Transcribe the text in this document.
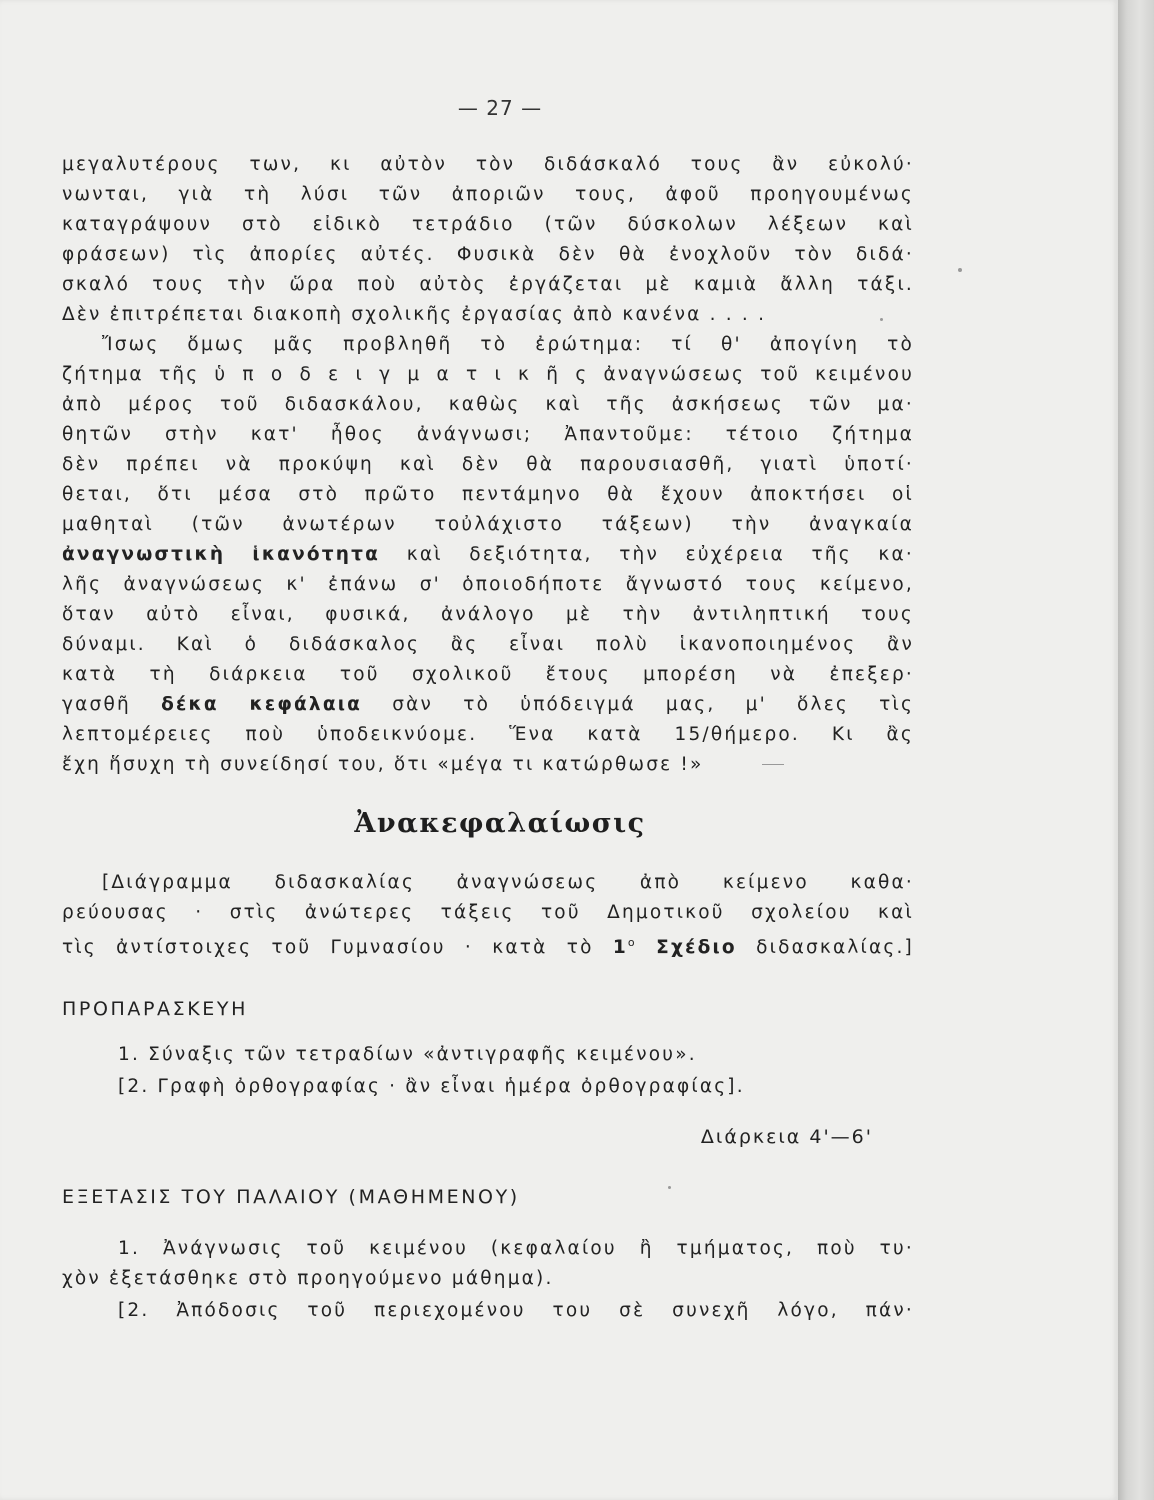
— 27 —
μεγαλυτέρους των, κι αὐτὸν τὸν διδάσκαλό τους ἂν εὐκολύ·
νωνται, γιὰ τὴ λύσι τῶν ἀποριῶν τους, ἀφοῦ προηγουμένως
καταγράψουν στὸ εἰδικὸ τετράδιο (τῶν δύσκολων λέξεων καὶ
φράσεων) τὶς ἀπορίες αὐτές. Φυσικὰ δὲν θὰ ἐνοχλοῦν τὸν διδά·
σκαλό τους τὴν ὥρα ποὺ αὐτὸς ἐργάζεται μὲ καμιὰ ἄλλη τάξι.
Δὲν ἐπιτρέπεται διακοπὴ σχολικῆς ἐργασίας ἀπὸ κανένα . . . .
Ἴσως ὅμως μᾶς προβληθῆ τὸ ἐρώτημα: τί θ' ἀπογίνη τὸ
ζήτημα τῆς ὑ π ο δ ε ι γ μ α τ ι κ ῆ ς ἀναγνώσεως τοῦ κειμένου
ἀπὸ μέρος τοῦ διδασκάλου, καθὼς καὶ τῆς ἀσκήσεως τῶν μα·
θητῶν στὴν κατ' ἦθος ἀνάγνωσι; Ἀπαντοῦμε: τέτοιο ζήτημα
δὲν πρέπει νὰ προκύψη καὶ δὲν θὰ παρουσιασθῆ, γιατὶ ὑποτί·
θεται, ὅτι μέσα στὸ πρῶτο πεντάμηνο θὰ ἔχουν ἀποκτήσει οἱ
μαθηταὶ (τῶν ἀνωτέρων τοὐλάχιστο τάξεων) τὴν ἀναγκαία
ἀναγνωστικὴ ἱκανότητα καὶ δεξιότητα, τὴν εὐχέρεια τῆς κα·
λῆς ἀναγνώσεως κ' ἐπάνω σ' ὁποιοδήποτε ἄγνωστό τους κείμενο,
ὅταν αὐτὸ εἶναι, φυσικά, ἀνάλογο μὲ τὴν ἀντιληπτική τους
δύναμι. Καὶ ὁ διδάσκαλος ἂς εἶναι πολὺ ἱκανοποιημένος ἂν
κατὰ τὴ διάρκεια τοῦ σχολικοῦ ἔτους μπορέση νὰ ἐπεξερ·
γασθῆ δέκα κεφάλαια σὰν τὸ ὑπόδειγμά μας, μ' ὅλες τὶς
λεπτομέρειες ποὺ ὑποδεικνύομε. Ἕνα κατὰ 15/θήμερο. Κι ἂς
ἔχη ἥσυχη τὴ συνείδησί του, ὅτι «μέγα τι κατώρθωσε !»
Ἀνακεφαλαίωσις
[Διάγραμμα διδασκαλίας ἀναγνώσεως ἀπὸ κείμενο καθα·
ρεύουσας · στὶς ἀνώτερες τάξεις τοῦ Δημοτικοῦ σχολείου καὶ
τὶς ἀντίστοιχες τοῦ Γυμνασίου · κατὰ τὸ $1^o$ Σχέδιο διδασκαλίας.]
ΠΡΟΠΑΡΑΣΚΕΥΗ
1. Σύναξις τῶν τετραδίων «ἀντιγραφῆς κειμένου».
[2. Γραφὴ ὀρθογραφίας · ἂν εἶναι ἡμέρα ὀρθογραφίας].
Διάρκεια 4'—6'
ΕΞΕΤΑΣΙΣ ΤΟΥ ΠΑΛΑΙΟΥ (ΜΑΘΗΜΕΝΟΥ)
1. Ἀνάγνωσις τοῦ κειμένου (κεφαλαίου ἢ τμήματος, ποὺ τυ·
χὸν ἐξετάσθηκε στὸ προηγούμενο μάθημα).
[2. Ἀπόδοσις τοῦ περιεχομένου του σὲ συνεχῆ λόγο, πάν·
